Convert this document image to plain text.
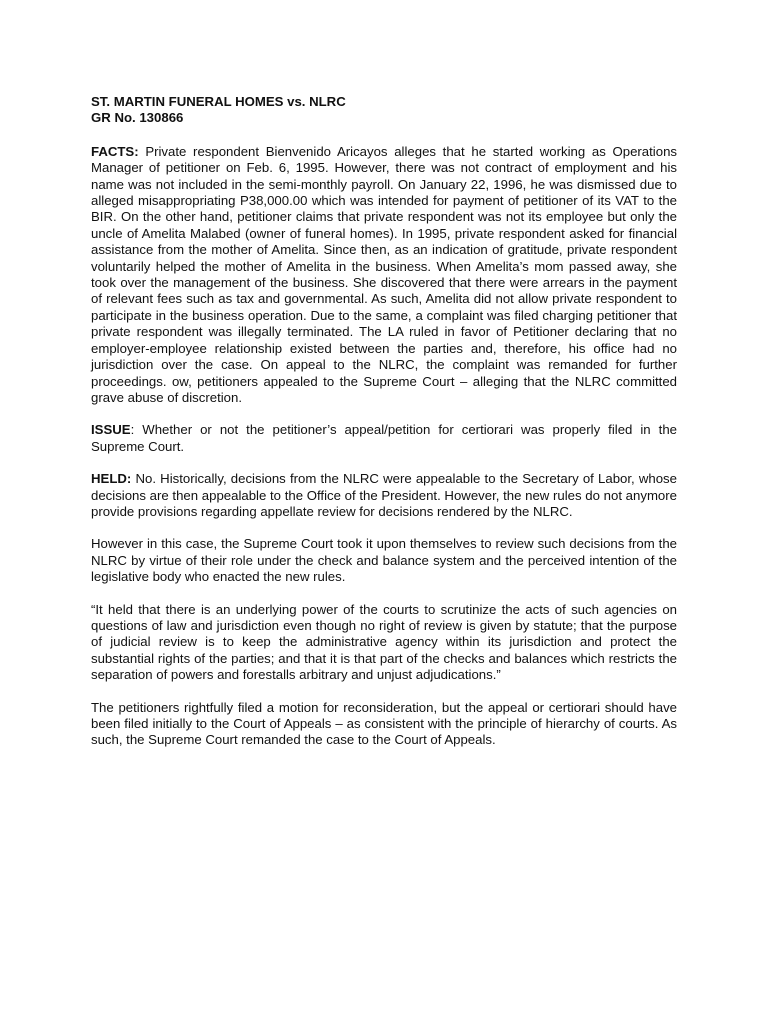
ST. MARTIN FUNERAL HOMES vs. NLRC
GR No. 130866

FACTS: Private respondent Bienvenido Aricayos alleges that he started working as Operations Manager of petitioner on Feb. 6, 1995. However, there was not contract of employment and his name was not included in the semi-monthly payroll. On January 22, 1996, he was dismissed due to alleged misappropriating P38,000.00 which was intended for payment of petitioner of its VAT to the BIR. On the other hand, petitioner claims that private respondent was not its employee but only the uncle of Amelita Malabed (owner of funeral homes). In 1995, private respondent asked for financial assistance from the mother of Amelita. Since then, as an indication of gratitude, private respondent voluntarily helped the mother of Amelita in the business. When Amelita’s mom passed away, she took over the management of the business. She discovered that there were arrears in the payment of relevant fees such as tax and governmental. As such, Amelita did not allow private respondent to participate in the business operation. Due to the same, a complaint was filed charging petitioner that private respondent was illegally terminated. The LA ruled in favor of Petitioner declaring that no employer-employee relationship existed between the parties and, therefore, his office had no jurisdiction over the case. On appeal to the NLRC, the complaint was remanded for further proceedings. ow, petitioners appealed to the Supreme Court – alleging that the NLRC committed grave abuse of discretion.

ISSUE: Whether or not the petitioner’s appeal/petition for certiorari was properly filed in the Supreme Court.

HELD: No. Historically, decisions from the NLRC were appealable to the Secretary of Labor, whose decisions are then appealable to the Office of the President. However, the new rules do not anymore provide provisions regarding appellate review for decisions rendered by the NLRC.

However in this case, the Supreme Court took it upon themselves to review such decisions from the NLRC by virtue of their role under the check and balance system and the perceived intention of the legislative body who enacted the new rules.

“It held that there is an underlying power of the courts to scrutinize the acts of such agencies on questions of law and jurisdiction even though no right of review is given by statute; that the purpose of judicial review is to keep the administrative agency within its jurisdiction and protect the substantial rights of the parties; and that it is that part of the checks and balances which restricts the separation of powers and forestalls arbitrary and unjust adjudications.”

The petitioners rightfully filed a motion for reconsideration, but the appeal or certiorari should have been filed initially to the Court of Appeals – as consistent with the principle of hierarchy of courts. As such, the Supreme Court remanded the case to the Court of Appeals.
